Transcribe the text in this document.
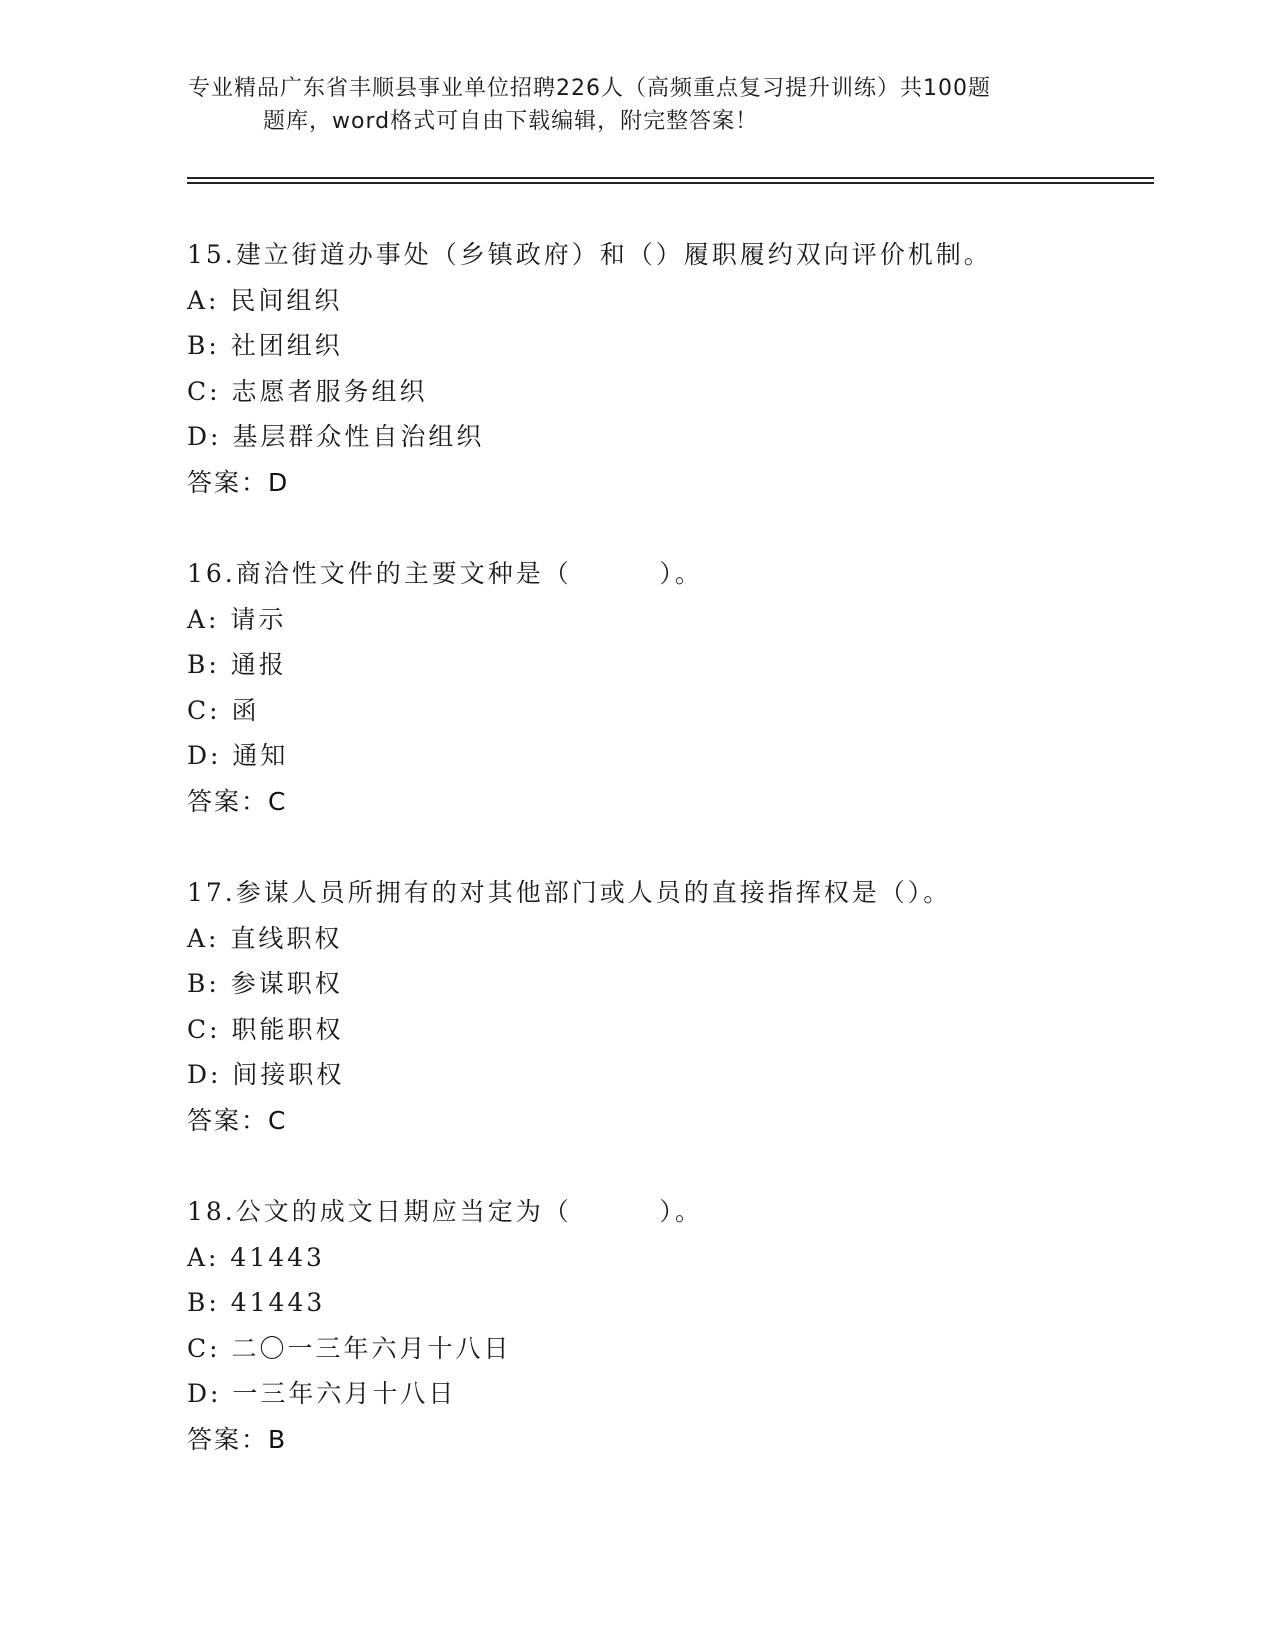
专业精品广东省丰顺县事业单位招聘226人（高频重点复习提升训练）共100题
题库，word格式可自由下载编辑，附完整答案！
15.建立街道办事处（乡镇政府）和（）履职履约双向评价机制。
A: 民间组织
B: 社团组织
C: 志愿者服务组织
D: 基层群众性自治组织
答案：D
16.商洽性文件的主要文种是（        ）。
A: 请示
B: 通报
C: 函
D: 通知
答案：C
17.参谋人员所拥有的对其他部门或人员的直接指挥权是（）。
A: 直线职权
B: 参谋职权
C: 职能职权
D: 间接职权
答案：C
18.公文的成文日期应当定为（        ）。
A: 41443
B: 41443
C: 二〇一三年六月十八日
D: 一三年六月十八日
答案：B
